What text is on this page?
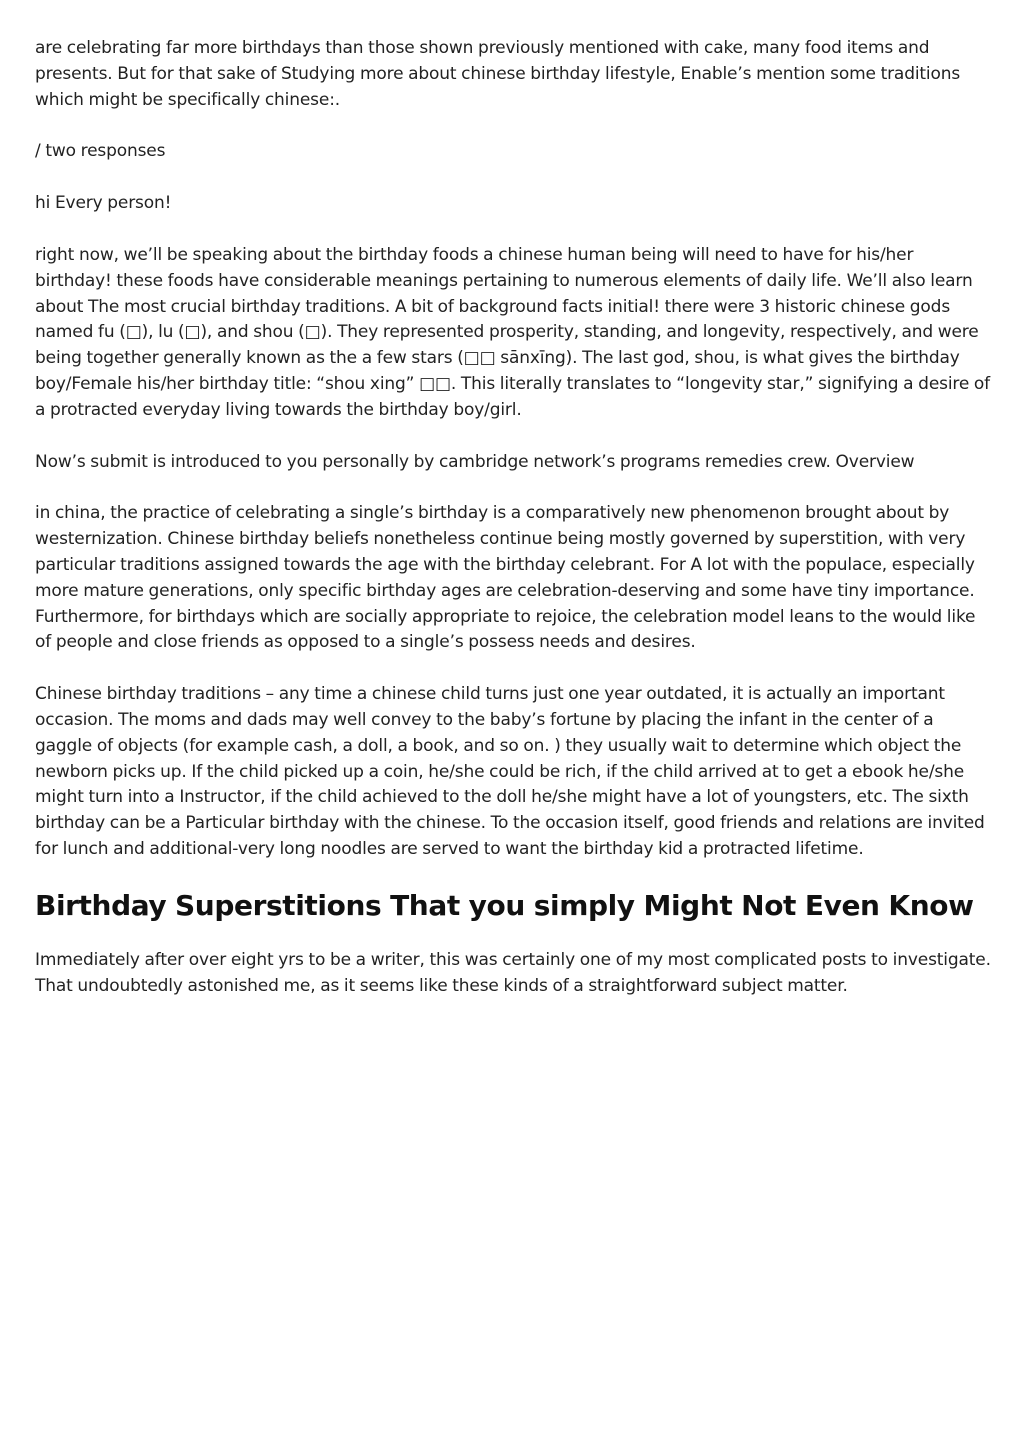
are celebrating far more birthdays than those shown previously mentioned with cake, many food items and presents. But for that sake of Studying more about chinese birthday lifestyle, Enable’s mention some traditions which might be specifically chinese:.

/ two responses

hi Every person!

right now, we’ll be speaking about the birthday foods a chinese human being will need to have for his/her birthday! these foods have considerable meanings pertaining to numerous elements of daily life. We’ll also learn about The most crucial birthday traditions. A bit of background facts initial! there were 3 historic chinese gods named fu (□), lu (□), and shou (□). They represented prosperity, standing, and longevity, respectively, and were being together generally known as the a few stars (□□ sānxīng). The last god, shou, is what gives the birthday boy/Female his/her birthday title: “shou xing” □□. This literally translates to “longevity star,” signifying a desire of a protracted everyday living towards the birthday boy/girl.

Now’s submit is introduced to you personally by cambridge network’s programs remedies crew. Overview

in china, the practice of celebrating a single’s birthday is a comparatively new phenomenon brought about by westernization. Chinese birthday beliefs nonetheless continue being mostly governed by superstition, with very particular traditions assigned towards the age with the birthday celebrant. For A lot with the populace, especially more mature generations, only specific birthday ages are celebration-deserving and some have tiny importance. Furthermore, for birthdays which are socially appropriate to rejoice, the celebration model leans to the would like of people and close friends as opposed to a single’s possess needs and desires.

Chinese birthday traditions – any time a chinese child turns just one year outdated, it is actually an important occasion. The moms and dads may well convey to the baby’s fortune by placing the infant in the center of a gaggle of objects (for example cash, a doll, a book, and so on. ) they usually wait to determine which object the newborn picks up. If the child picked up a coin, he/she could be rich, if the child arrived at to get a ebook he/she might turn into a Instructor, if the child achieved to the doll he/she might have a lot of youngsters, etc. The sixth birthday can be a Particular birthday with the chinese. To the occasion itself, good friends and relations are invited for lunch and additional-very long noodles are served to want the birthday kid a protracted lifetime.

Birthday Superstitions That you simply Might Not Even Know

Immediately after over eight yrs to be a writer, this was certainly one of my most complicated posts to investigate. That undoubtedly astonished me, as it seems like these kinds of a straightforward subject matter.
